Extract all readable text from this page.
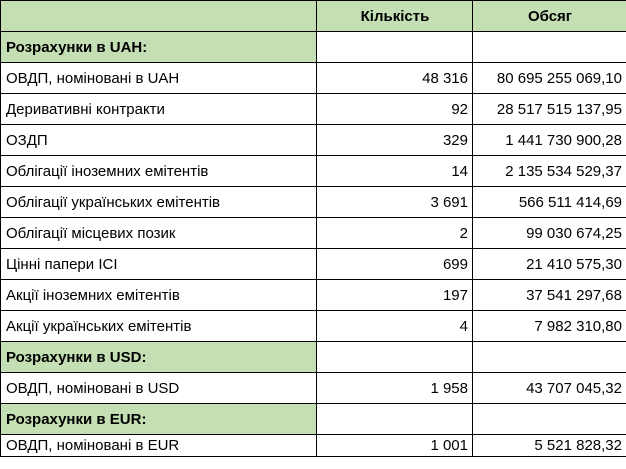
	Кількість	Обсяг
Розрахунки в UAH:		
ОВДП, номіновані в UAH	48 316	80 695 255 069,10
Деривативні контракти	92	28 517 515 137,95
ОЗДП	329	1 441 730 900,28
Облігації іноземних емітентів	14	2 135 534 529,37
Облігації українських емітентів	3 691	566 511 414,69
Облігації місцевих позик	2	99 030 674,25
Цінні папери ІСІ	699	21 410 575,30
Акції іноземних емітентів	197	37 541 297,68
Акції українських емітентів	4	7 982 310,80
Розрахунки в USD:		
ОВДП, номіновані в USD	1 958	43 707 045,32
Розрахунки в EUR:		
ОВДП, номіновані в EUR	1 001	5 521 828,32
